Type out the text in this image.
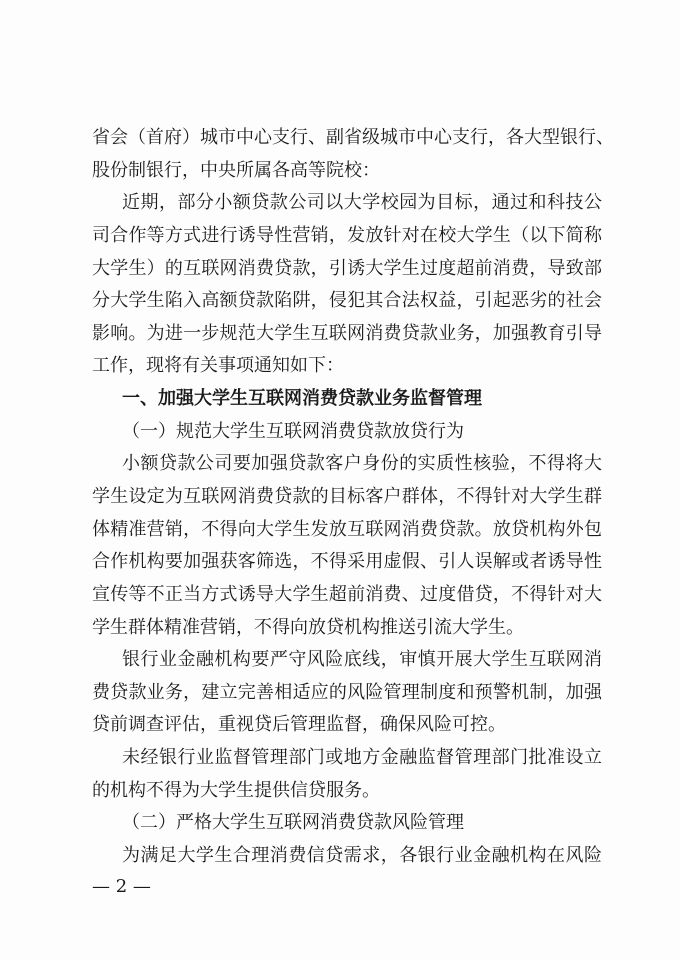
省会（首府）城市中心支行、副省级城市中心支行，各大型银行、
股份制银行，中央所属各高等院校：
近期，部分小额贷款公司以大学校园为目标，通过和科技公
司合作等方式进行诱导性营销，发放针对在校大学生（以下简称
大学生）的互联网消费贷款，引诱大学生过度超前消费，导致部
分大学生陷入高额贷款陷阱，侵犯其合法权益，引起恶劣的社会
影响。为进一步规范大学生互联网消费贷款业务，加强教育引导
工作，现将有关事项通知如下：
一、加强大学生互联网消费贷款业务监督管理
（一）规范大学生互联网消费贷款放贷行为
小额贷款公司要加强贷款客户身份的实质性核验，不得将大
学生设定为互联网消费贷款的目标客户群体，不得针对大学生群
体精准营销，不得向大学生发放互联网消费贷款。放贷机构外包
合作机构要加强获客筛选，不得采用虚假、引人误解或者诱导性
宣传等不正当方式诱导大学生超前消费、过度借贷，不得针对大
学生群体精准营销，不得向放贷机构推送引流大学生。
银行业金融机构要严守风险底线，审慎开展大学生互联网消
费贷款业务，建立完善相适应的风险管理制度和预警机制，加强
贷前调查评估，重视贷后管理监督，确保风险可控。
未经银行业监督管理部门或地方金融监督管理部门批准设立
的机构不得为大学生提供信贷服务。
（二）严格大学生互联网消费贷款风险管理
为满足大学生合理消费信贷需求，各银行业金融机构在风险
— 2 —
